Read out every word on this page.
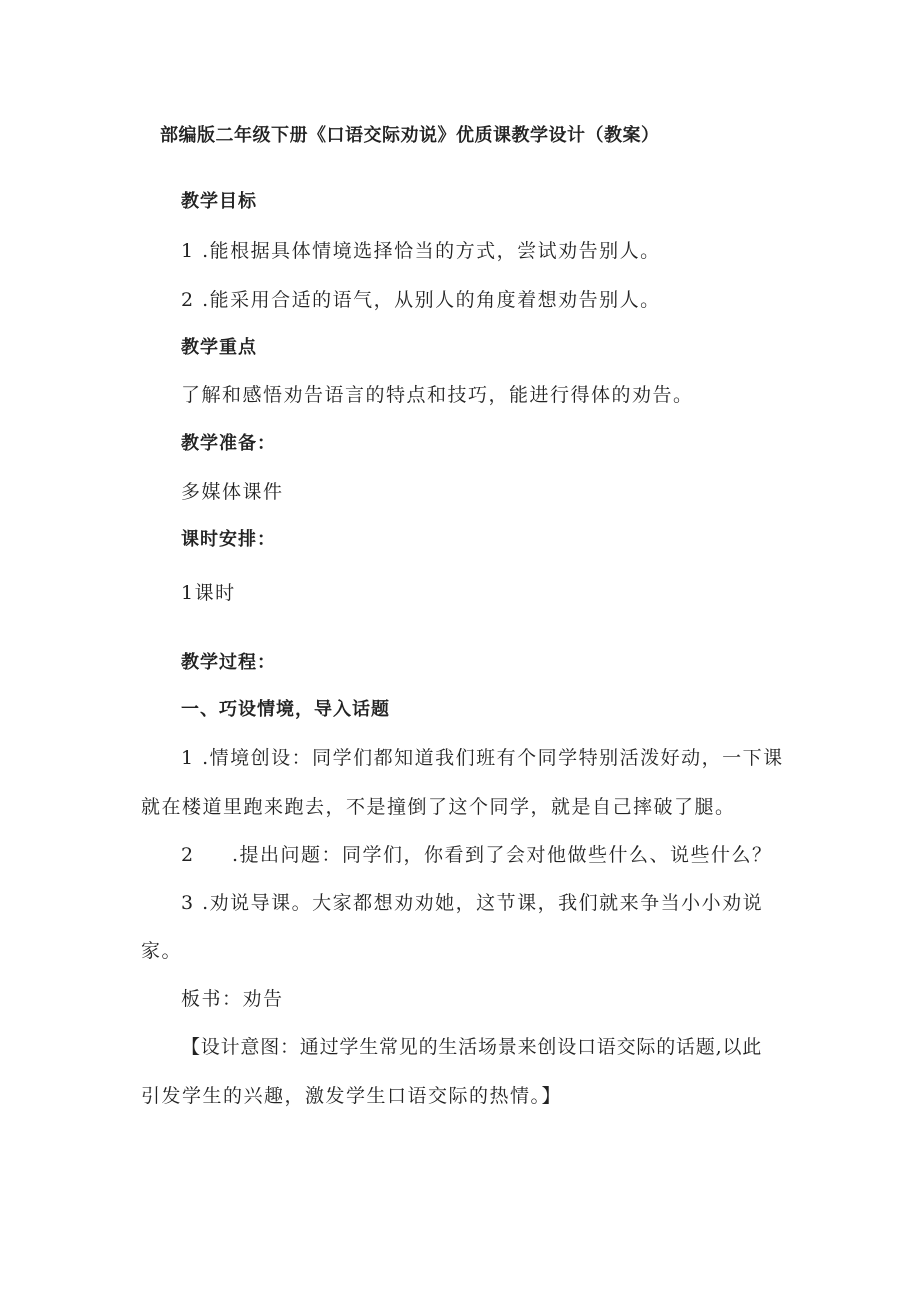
部编版二年级下册《口语交际劝说》优质课教学设计（教案）
教学目标
1 .能根据具体情境选择恰当的方式，尝试劝告别人。
2 .能采用合适的语气，从别人的角度着想劝告别人。
教学重点
了解和感悟劝告语言的特点和技巧，能进行得体的劝告。
教学准备：
多媒体课件
课时安排：
1课时
教学过程：
一、巧设情境，导入话题
1 .情境创设：同学们都知道我们班有个同学特别活泼好动，一下课
就在楼道里跑来跑去，不是撞倒了这个同学，就是自己摔破了腿。
2 .提出问题：同学们，你看到了会对他做些什么、说些什么？
3 .劝说导课。大家都想劝劝她，这节课，我们就来争当小小劝说
家。
板书：劝告
【设计意图：通过学生常见的生活场景来创设口语交际的话题,以此
引发学生的兴趣，激发学生口语交际的热情。】
